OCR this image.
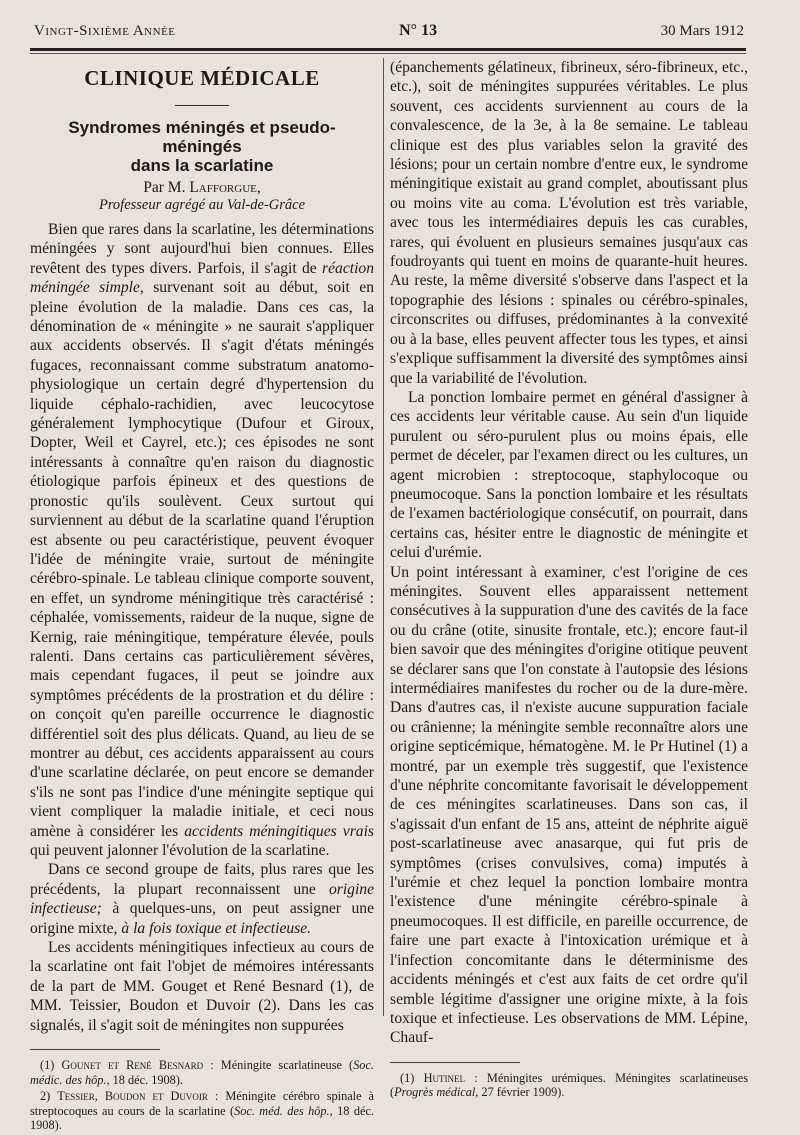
Vingt-Sixième Année	N° 13	30 Mars 1912
CLINIQUE MÉDICALE
Syndromes méningés et pseudo-méningés
dans la scarlatine

Par M. Lafforgue,

Professeur agrégé au Val-de-Grâce

Bien que rares dans la scarlatine, les déterminations méningées y sont aujourd'hui bien connues. Elles revêtent des types divers. Parfois, il s'agit de réaction méningée simple, survenant soit au début, soit en pleine évolution de la maladie. Dans ces cas, la dénomination de « méningite » ne saurait s'appliquer aux accidents observés. Il s'agit d'états méningés fugaces, reconnaissant comme substratum anatomo-physiologique un certain degré d'hypertension du liquide céphalo-rachidien, avec leucocytose généralement lymphocytique (Dufour et Giroux, Dopter, Weil et Cayrel, etc.); ces épisodes ne sont intéressants à connaître qu'en raison du diagnostic étiologique parfois épineux et des questions de pronostic qu'ils soulèvent. Ceux surtout qui surviennent au début de la scarlatine quand l'éruption est absente ou peu caractéristique, peuvent évoquer l'idée de méningite vraie, surtout de méningite cérébro-spinale. Le tableau clinique comporte souvent, en effet, un syndrome méningitique très caractérisé : céphalée, vomissements, raideur de la nuque, signe de Kernig, raie méningitique, température élevée, pouls ralenti. Dans certains cas particulièrement sévères, mais cependant fugaces, il peut se joindre aux symptômes précédents de la prostration et du délire : on conçoit qu'en pareille occurrence le diagnostic différentiel soit des plus délicats. Quand, au lieu de se montrer au début, ces accidents apparaissent au cours d'une scarlatine déclarée, on peut encore se demander s'ils ne sont pas l'indice d'une méningite septique qui vient compliquer la maladie initiale, et ceci nous amène à considérer les accidents méningitiques vrais qui peuvent jalonner l'évolution de la scarlatine.

Dans ce second groupe de faits, plus rares que les précédents, la plupart reconnaissent une origine infectieuse; à quelques-uns, on peut assigner une origine mixte, à la fois toxique et infectieuse.

Les accidents méningitiques infectieux au cours de la scarlatine ont fait l'objet de mémoires intéressants de la part de MM. Gouget et René Besnard (1), de MM. Teissier, Boudon et Duvoir (2). Dans les cas signalés, il s'agit soit de méningites non suppurées

(1) Gounet et René Besnard : Méningite scarlatineuse (Soc. médic. des hôp., 18 déc. 1908).

2) Tessier, Boudon et Duvoir : Méningite cérébro spinale à streptocoques au cours de la scarlatine (Soc. méd. des hôp., 18 déc. 1908).

(épanchements gélatineux, fibrineux, séro-fibrineux, etc., etc.), soit de méningites suppurées véritables. Le plus souvent, ces accidents surviennent au cours de la convalescence, de la 3e, à la 8e semaine. Le tableau clinique est des plus variables selon la gravité des lésions; pour un certain nombre d'entre eux, le syndrome méningitique existait au grand complet, aboutissant plus ou moins vite au coma. L'évolution est très variable, avec tous les intermédiaires depuis les cas curables, rares, qui évoluent en plusieurs semaines jusqu'aux cas foudroyants qui tuent en moins de quarante-huit heures. Au reste, la même diversité s'observe dans l'aspect et la topographie des lésions : spinales ou cérébro-spinales, circonscrites ou diffuses, prédominantes à la convexité ou à la base, elles peuvent affecter tous les types, et ainsi s'explique suffisamment la diversité des symptômes ainsi que la variabilité de l'évolution.

La ponction lombaire permet en général d'assigner à ces accidents leur véritable cause. Au sein d'un liquide purulent ou séro-purulent plus ou moins épais, elle permet de déceler, par l'examen direct ou les cultures, un agent microbien : streptocoque, staphylocoque ou pneumocoque. Sans la ponction lombaire et les résultats de l'examen bactériologique consécutif, on pourrait, dans certains cas, hésiter entre le diagnostic de méningite et celui d'urémie.

Un point intéressant à examiner, c'est l'origine de ces méningites. Souvent elles apparaissent nettement consécutives à la suppuration d'une des cavités de la face ou du crâne (otite, sinusite frontale, etc.); encore faut-il bien savoir que des méningites d'origine otitique peuvent se déclarer sans que l'on constate à l'autopsie des lésions intermédiaires manifestes du rocher ou de la dure-mère. Dans d'autres cas, il n'existe aucune suppuration faciale ou crânienne; la méningite semble reconnaître alors une origine septicémique, hématogène. M. le Pr Hutinel (1) a montré, par un exemple très suggestif, que l'existence d'une néphrite concomitante favorisait le développement de ces méningites scarlatineuses. Dans son cas, il s'agissait d'un enfant de 15 ans, atteint de néphrite aiguë post-scarlatineuse avec anasarque, qui fut pris de symptômes (crises convulsives, coma) imputés à l'urémie et chez lequel la ponction lombaire montra l'existence d'une méningite cérébro-spinale à pneumocoques. Il est difficile, en pareille occurrence, de faire une part exacte à l'intoxication urémique et à l'infection concomitante dans le déterminisme des accidents méningés et c'est aux faits de cet ordre qu'il semble légitime d'assigner une origine mixte, à la fois toxique et infectieuse. Les observations de MM. Lépine, Chauf-

(1) Hutinel : Méningites urémiques. Méningites scarlatineuses (Progrès médical, 27 février 1909).
